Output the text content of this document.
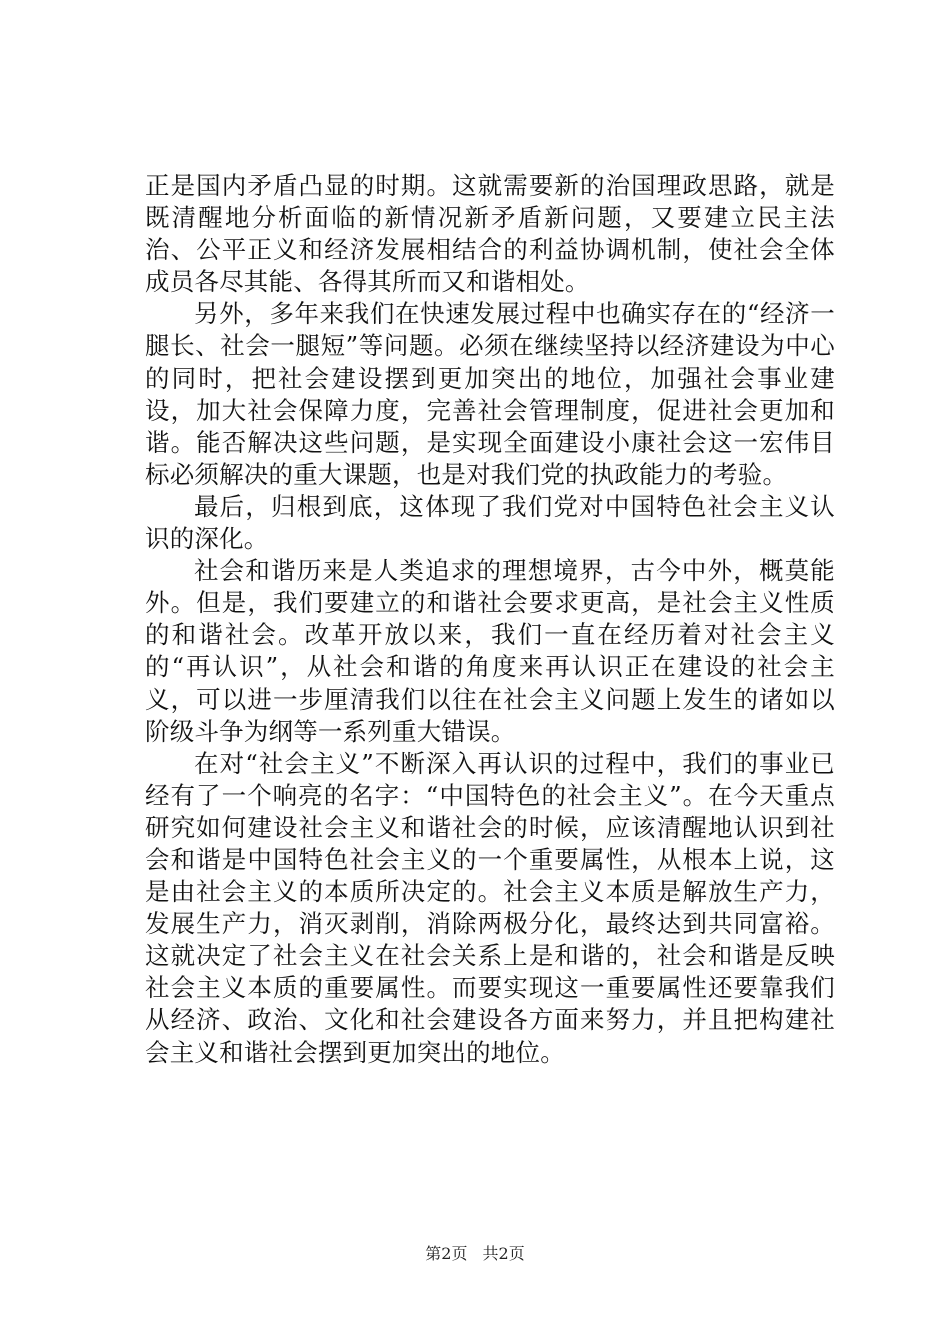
正是国内矛盾凸显的时期。这就需要新的治国理政思路，就是既清醒地分析面临的新情况新矛盾新问题，又要建立民主法治、公平正义和经济发展相结合的利益协调机制，使社会全体成员各尽其能、各得其所而又和谐相处。

另外，多年来我们在快速发展过程中也确实存在的“经济一腿长、社会一腿短”等问题。必须在继续坚持以经济建设为中心的同时，把社会建设摆到更加突出的地位，加强社会事业建设，加大社会保障力度，完善社会管理制度，促进社会更加和谐。能否解决这些问题，是实现全面建设小康社会这一宏伟目标必须解决的重大课题，也是对我们党的执政能力的考验。

最后，归根到底，这体现了我们党对中国特色社会主义认识的深化。

社会和谐历来是人类追求的理想境界，古今中外，概莫能外。但是，我们要建立的和谐社会要求更高，是社会主义性质的和谐社会。改革开放以来，我们一直在经历着对社会主义的“再认识”，从社会和谐的角度来再认识正在建设的社会主义，可以进一步厘清我们以往在社会主义问题上发生的诸如以阶级斗争为纲等一系列重大错误。

在对“社会主义”不断深入再认识的过程中，我们的事业已经有了一个响亮的名字：“中国特色的社会主义”。在今天重点研究如何建设社会主义和谐社会的时候，应该清醒地认识到社会和谐是中国特色社会主义的一个重要属性，从根本上说，这是由社会主义的本质所决定的。社会主义本质是解放生产力，发展生产力，消灭剥削，消除两极分化，最终达到共同富裕。这就决定了社会主义在社会关系上是和谐的，社会和谐是反映社会主义本质的重要属性。而要实现这一重要属性还要靠我们从经济、政治、文化和社会建设各方面来努力，并且把构建社会主义和谐社会摆到更加突出的地位。

第2页 共2页
